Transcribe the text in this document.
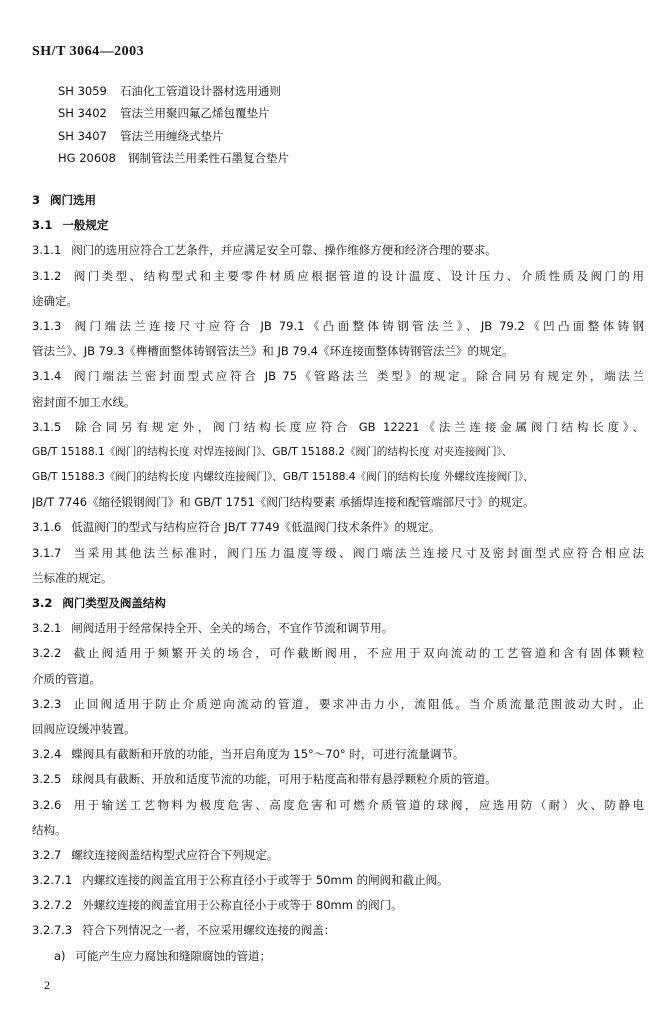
SH/T 3064—2003
SH 3059	石油化工管道设计器材选用通则
SH 3402	管法兰用聚四氟乙烯包覆垫片
SH 3407	管法兰用缠绕式垫片
HG 20608	钢制管法兰用柔性石墨复合垫片
3 阀门选用
3.1 一般规定
3.1.1 阀门的选用应符合工艺条件，并应满足安全可靠、操作维修方便和经济合理的要求。
3.1.2 阀门类型、结构型式和主要零件材质应根据管道的设计温度、设计压力、介质性质及阀门的用
途确定。
3.1.3 阀门端法兰连接尺寸应符合 JB 79.1《凸面整体铸钢管法兰》、JB 79.2《凹凸面整体铸钢
管法兰》、JB 79.3《榫槽面整体铸钢管法兰》和 JB 79.4《环连接面整体铸钢管法兰》的规定。
3.1.4 阀门端法兰密封面型式应符合 JB 75《管路法兰 类型》的规定。除合同另有规定外，端法兰
密封面不加工水线。
3.1.5 除合同另有规定外，阀门结构长度应符合 GB 12221《法兰连接金属阀门结构长度》、
GB/T 15188.1《阀门的结构长度 对焊连接阀门》、GB/T 15188.2《阀门的结构长度 对夹连接阀门》、
GB/T 15188.3《阀门的结构长度 内螺纹连接阀门》、GB/T 15188.4《阀门的结构长度 外螺纹连接阀门》、
JB/T 7746《缩径锻钢阀门》和 GB/T 1751《阀门结构要素 承插焊连接和配管端部尺寸》的规定。
3.1.6 低温阀门的型式与结构应符合 JB/T 7749《低温阀门技术条件》的规定。
3.1.7 当采用其他法兰标准时，阀门压力温度等级、阀门端法兰连接尺寸及密封面型式应符合相应法
兰标准的规定。
3.2 阀门类型及阀盖结构
3.2.1 闸阀适用于经常保持全开、全关的场合，不宜作节流和调节用。
3.2.2 截止阀适用于频繁开关的场合，可作截断阀用，不应用于双向流动的工艺管道和含有固体颗粒
介质的管道。
3.2.3 止回阀适用于防止介质逆向流动的管道，要求冲击力小，流阻低。当介质流量范围波动大时，止
回阀应设缓冲装置。
3.2.4 蝶阀具有截断和开放的功能，当开启角度为 15°～70° 时，可进行流量调节。
3.2.5 球阀具有截断、开放和适度节流的功能，可用于粘度高和带有悬浮颗粒介质的管道。
3.2.6 用于输送工艺物料为极度危害、高度危害和可燃介质管道的球阀，应选用防（耐）火、防静电
结构。
3.2.7 螺纹连接阀盖结构型式应符合下列规定。
3.2.7.1 内螺纹连接的阀盖宜用于公称直径小于或等于 50mm 的闸阀和截止阀。
3.2.7.2 外螺纹连接的阀盖宜用于公称直径小于或等于 80mm 的阀门。
3.2.7.3 符合下列情况之一者，不应采用螺纹连接的阀盖：
a) 可能产生应力腐蚀和缝隙腐蚀的管道；
2
